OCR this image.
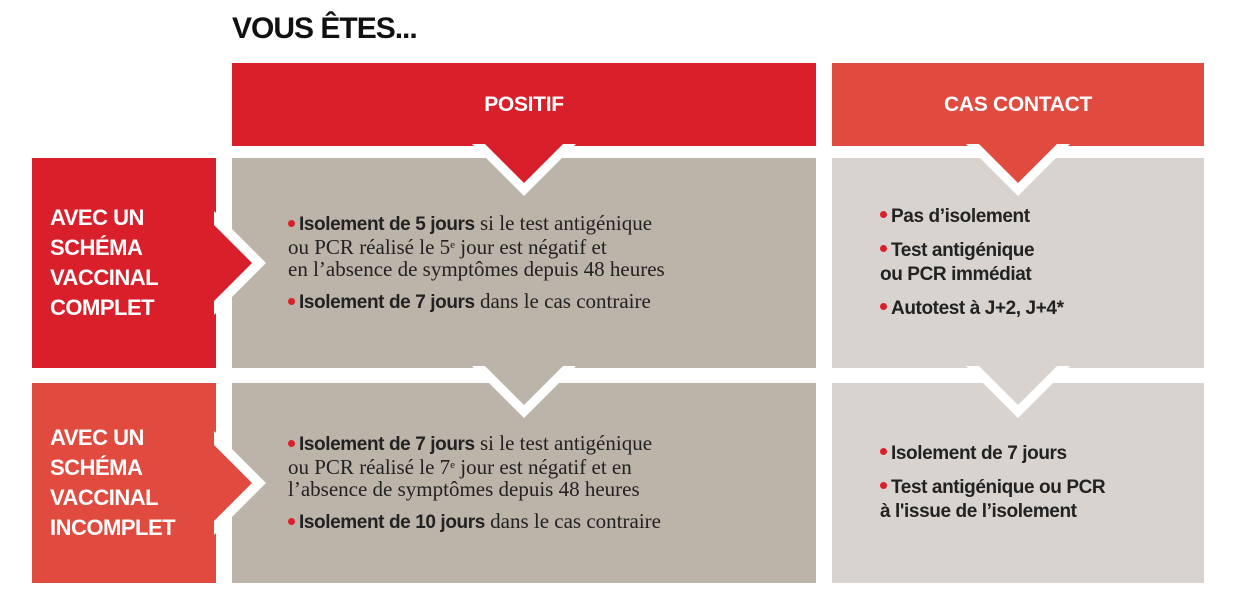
VOUS ÊTES...
POSITIF	CAS CONTACT
AVEC UN
SCHÉMA
VACCINAL
COMPLET
AVEC UN
SCHÉMA
VACCINAL
INCOMPLET
Isolement de 5 jours si le test antigénique
ou PCR réalisé le 5e jour est négatif et
en l’absence de symptômes depuis 48 heures
Isolement de 7 jours dans le cas contraire
Pas d’isolement
Test antigénique
ou PCR immédiat
Autotest à J+2, J+4*
Isolement de 7 jours si le test antigénique
ou PCR réalisé le 7e jour est négatif et en
l’absence de symptômes depuis 48 heures
Isolement de 10 jours dans le cas contraire
Isolement de 7 jours
Test antigénique ou PCR
à l'issue de l’isolement
